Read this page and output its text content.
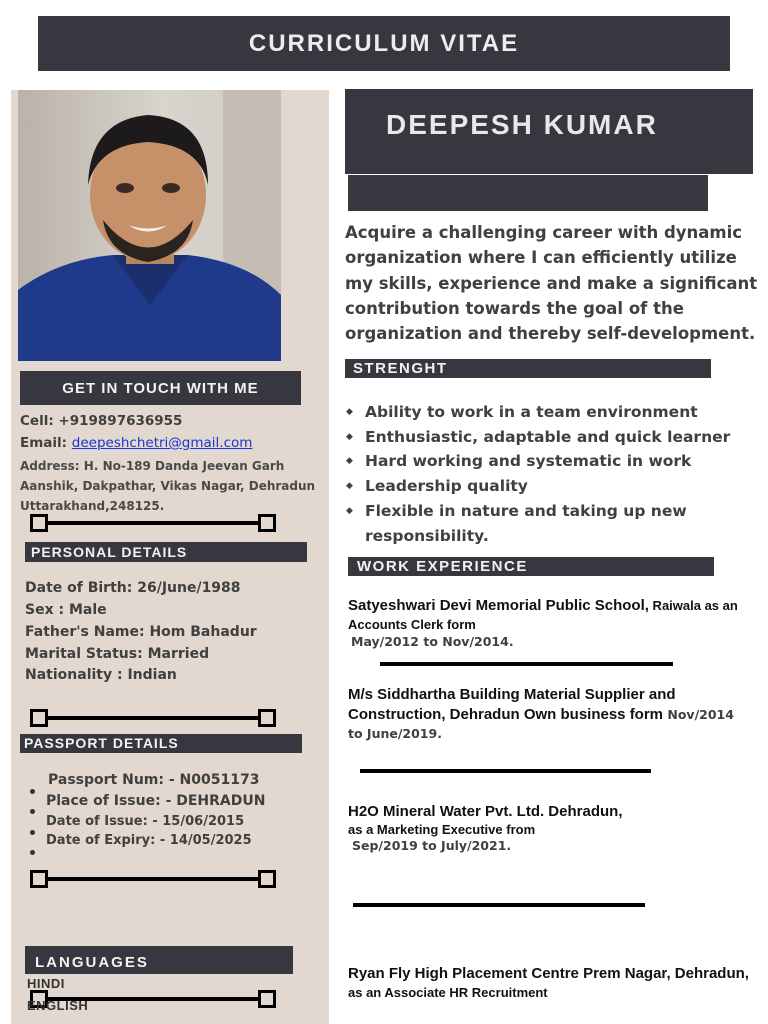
CURRICULUM VITAE
GET IN TOUCH WITH ME
Cell: +919897636955
Email: deepeshchetri@gmail.com
Address: H. No-189 Danda Jeevan Garh Aanshik, Dakpathar, Vikas Nagar, Dehradun Uttarakhand,248125.
PERSONAL DETAILS
Date of Birth: 26/June/1988
Sex : Male
Father's Name: Hom Bahadur
Marital Status: Married
Nationality : Indian
PASSPORT DETAILS
Passport Num: - N0051173
Place of Issue: - DEHRADUN
Date of Issue: - 15/06/2015
Date of Expiry: - 14/05/2025
LANGUAGES
HINDI
ENGLISH
DEEPESH KUMAR
Acquire a challenging career with dynamic organization where I can efficiently utilize my skills, experience and make a significant contribution towards the goal of the organization and thereby self-development.
STRENGHT
◆ Ability to work in a team environment
◆ Enthusiastic, adaptable and quick learner
◆ Hard working and systematic in work
◆ Leadership quality
◆ Flexible in nature and taking up new responsibility.
WORK EXPERIENCE
Satyeshwari Devi Memorial Public School, Raiwala as an Accounts Clerk form
May/2012 to Nov/2014.
M/s Siddhartha Building Material Supplier and Construction, Dehradun Own business form Nov/2014 to June/2019.
H2O Mineral Water Pvt. Ltd. Dehradun,
as a Marketing Executive from
Sep/2019 to July/2021.
Ryan Fly High Placement Centre Prem Nagar, Dehradun, as an Associate HR Recruitment
